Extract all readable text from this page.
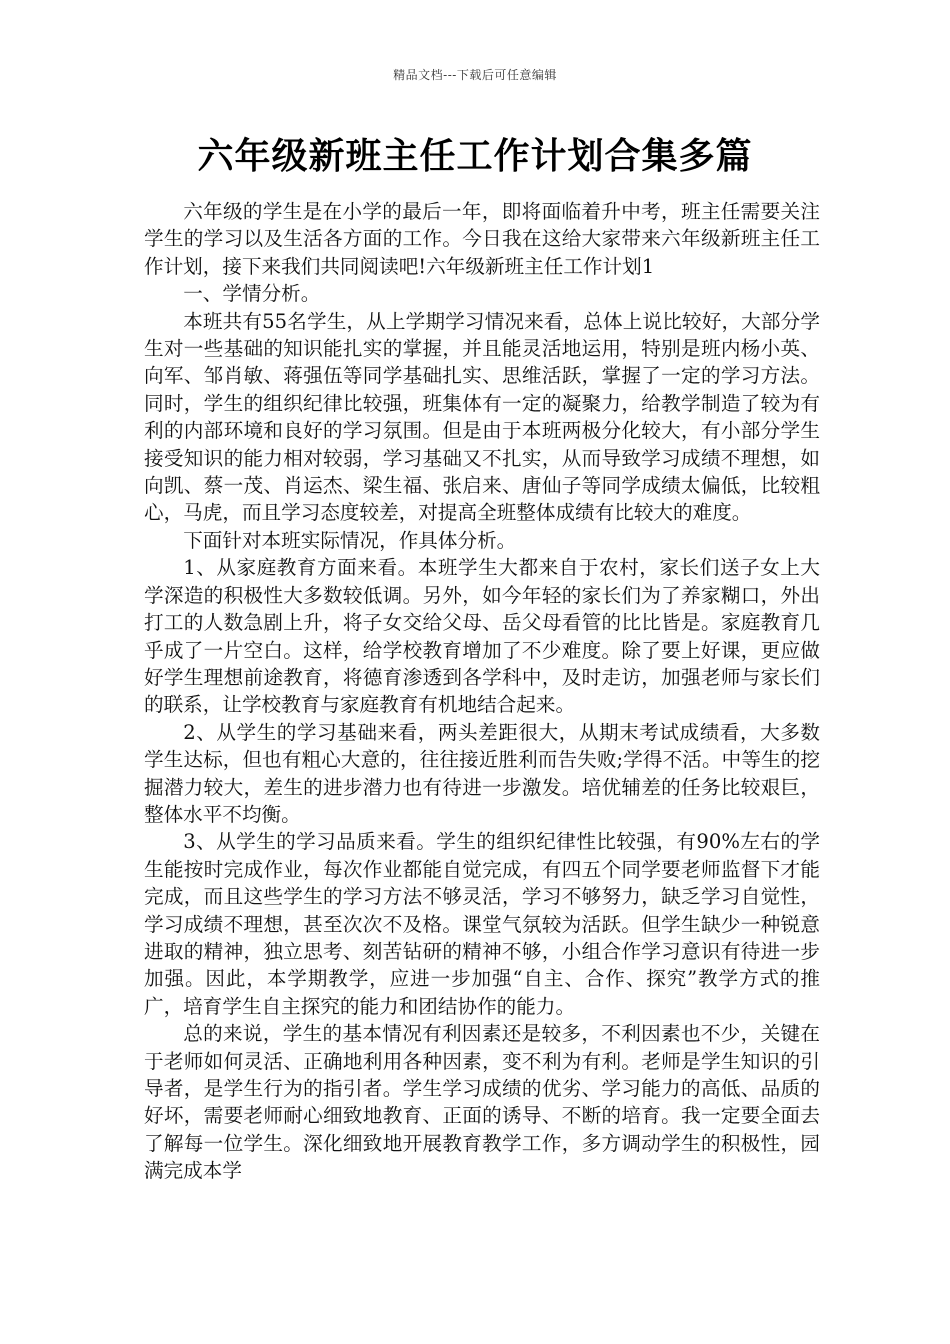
精品文档---下载后可任意编辑
六年级新班主任工作计划合集多篇

六年级的学生是在小学的最后一年，即将面临着升中考，班主任需要关注学生的学习以及生活各方面的工作。今日我在这给大家带来六年级新班主任工作计划，接下来我们共同阅读吧!六年级新班主任工作计划1

一、学情分析。

本班共有55名学生，从上学期学习情况来看，总体上说比较好，大部分学生对一些基础的知识能扎实的掌握，并且能灵活地运用，特别是班内杨小英、向军、邹肖敏、蒋强伍等同学基础扎实、思维活跃，掌握了一定的学习方法。同时，学生的组织纪律比较强，班集体有一定的凝聚力，给教学制造了较为有利的内部环境和良好的学习氛围。但是由于本班两极分化较大，有小部分学生接受知识的能力相对较弱，学习基础又不扎实，从而导致学习成绩不理想，如向凯、蔡一茂、肖运杰、梁生福、张启来、唐仙子等同学成绩太偏低，比较粗心，马虎，而且学习态度较差，对提高全班整体成绩有比较大的难度。

下面针对本班实际情况，作具体分析。

1、从家庭教育方面来看。本班学生大都来自于农村，家长们送子女上大学深造的积极性大多数较低调。另外，如今年轻的家长们为了养家糊口，外出打工的人数急剧上升，将子女交给父母、岳父母看管的比比皆是。家庭教育几乎成了一片空白。这样，给学校教育增加了不少难度。除了要上好课，更应做好学生理想前途教育，将德育渗透到各学科中，及时走访，加强老师与家长们的联系，让学校教育与家庭教育有机地结合起来。

2、从学生的学习基础来看，两头差距很大，从期末考试成绩看，大多数学生达标，但也有粗心大意的，往往接近胜利而告失败;学得不活。中等生的挖掘潜力较大，差生的进步潜力也有待进一步激发。培优辅差的任务比较艰巨，整体水平不均衡。

3、从学生的学习品质来看。学生的组织纪律性比较强，有90%左右的学生能按时完成作业，每次作业都能自觉完成，有四五个同学要老师监督下才能完成，而且这些学生的学习方法不够灵活，学习不够努力，缺乏学习自觉性，学习成绩不理想，甚至次次不及格。课堂气氛较为活跃。但学生缺少一种锐意进取的精神，独立思考、刻苦钻研的精神不够，小组合作学习意识有待进一步加强。因此，本学期教学，应进一步加强“自主、合作、探究”教学方式的推广，培育学生自主探究的能力和团结协作的能力。

总的来说，学生的基本情况有利因素还是较多，不利因素也不少，关键在于老师如何灵活、正确地利用各种因素，变不利为有利。老师是学生知识的引导者，是学生行为的指引者。学生学习成绩的优劣、学习能力的高低、品质的好坏，需要老师耐心细致地教育、正面的诱导、不断的培育。我一定要全面去了解每一位学生。深化细致地开展教育教学工作，多方调动学生的积极性，园满完成本学
